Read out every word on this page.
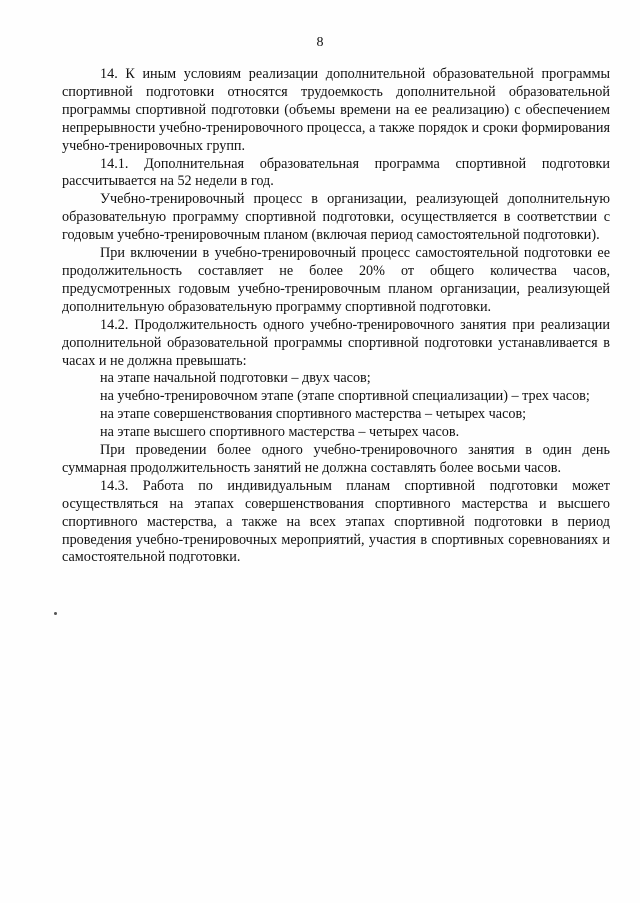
8

14. К иным условиям реализации дополнительной образовательной программы спортивной подготовки относятся трудоемкость дополнительной образовательной программы спортивной подготовки (объемы времени на ее реализацию) с обеспечением непрерывности учебно-тренировочного процесса, а также порядок и сроки формирования учебно-тренировочных групп.

14.1. Дополнительная образовательная программа спортивной подготовки рассчитывается на 52 недели в год.

Учебно-тренировочный процесс в организации, реализующей дополнительную образовательную программу спортивной подготовки, осуществляется в соответствии с годовым учебно-тренировочным планом (включая период самостоятельной подготовки).

При включении в учебно-тренировочный процесс самостоятельной подготовки ее продолжительность составляет не более 20% от общего количества часов, предусмотренных годовым учебно-тренировочным планом организации, реализующей дополнительную образовательную программу спортивной подготовки.

14.2. Продолжительность одного учебно-тренировочного занятия при реализации дополнительной образовательной программы спортивной подготовки устанавливается в часах и не должна превышать:

на этапе начальной подготовки – двух часов;

на учебно-тренировочном этапе (этапе спортивной специализации) – трех часов;

на этапе совершенствования спортивного мастерства – четырех часов;

на этапе высшего спортивного мастерства – четырех часов.

При проведении более одного учебно-тренировочного занятия в один день суммарная продолжительность занятий не должна составлять более восьми часов.

14.3. Работа по индивидуальным планам спортивной подготовки может осуществляться на этапах совершенствования спортивного мастерства и высшего спортивного мастерства, а также на всех этапах спортивной подготовки в период проведения учебно-тренировочных мероприятий, участия в спортивных соревнованиях и самостоятельной подготовки.
